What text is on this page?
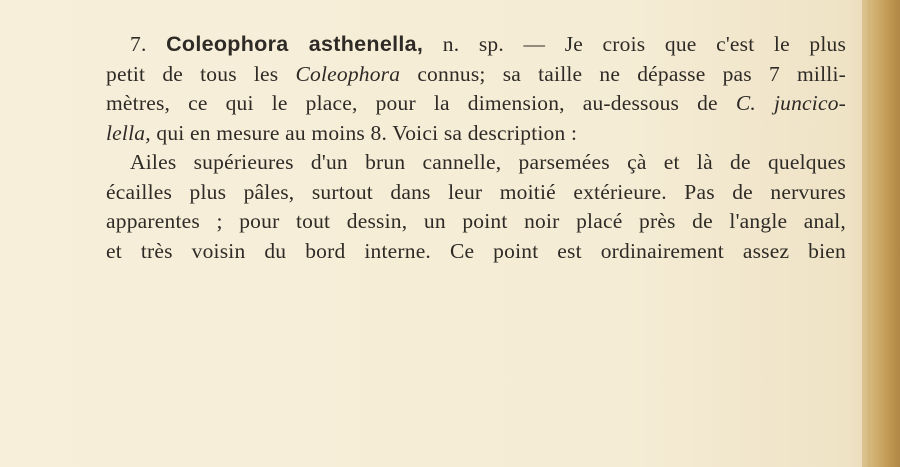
7. Coleophora asthenella, n. sp. — Je crois que c'est le plus
petit de tous les Coleophora connus; sa taille ne dépasse pas 7 milli-
mètres, ce qui le place, pour la dimension, au-dessous de C. juncico-
lella, qui en mesure au moins 8. Voici sa description :
Ailes supérieures d'un brun cannelle, parsemées çà et là de quelques
écailles plus pâles, surtout dans leur moitié extérieure. Pas de nervures
apparentes ; pour tout dessin, un point noir placé près de l'angle anal,
et très voisin du bord interne. Ce point est ordinairement assez bien
